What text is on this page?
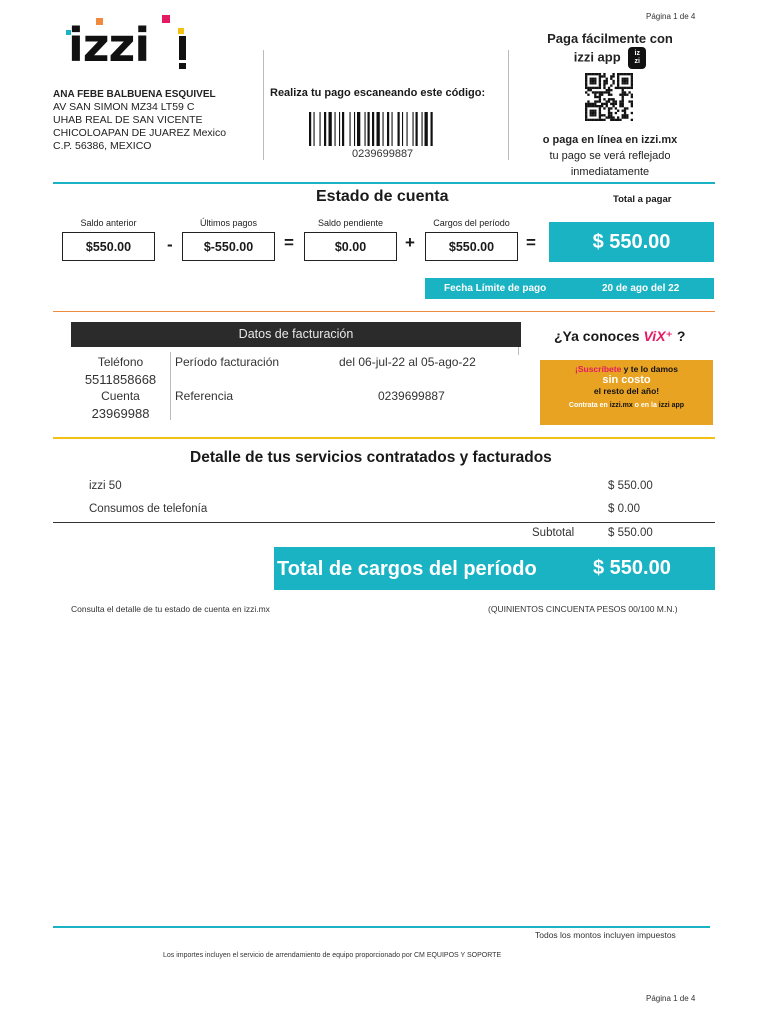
Página 1 de 4
izzi
ANA FEBE BALBUENA ESQUIVEL
AV SAN SIMON MZ34 LT59 C
UHAB REAL DE SAN VICENTE
CHICOLOAPAN DE JUAREZ Mexico
C.P. 56386, MEXICO
Realiza tu pago escaneando este código:
0239699887
Paga fácilmente con
izzi app iz
zi
o paga en línea en izzi.mx
tu pago se verá reflejado
inmediatamente
Estado de cuenta	Total a pagar
Saldo anterior
$550.00	-
Últimos pagos
$-550.00	=
Saldo pendiente
$0.00	+
Cargos del período
$550.00	=	$ 550.00
Fecha Límite de pago	20 de ago del 22
Datos de facturación
Teléfono
5511858668
Cuenta
23969988
Período facturación	del 06-jul-22 al 05-ago-22
Referencia	0239699887
¿Ya conoces ViX⁺ ?
¡Suscríbete y te lo damos
sin costo
el resto del año!
Contrata en izzi.mx o en la izzi app
Detalle de tus servicios contratados y facturados
izzi 50	$ 550.00
Consumos de telefonía	$ 0.00
Subtotal	$ 550.00
Total de cargos del período	$ 550.00
Consulta el detalle de tu estado de cuenta en izzi.mx	(QUINIENTOS CINCUENTA PESOS 00/100 M.N.)
Todos los montos incluyen impuestos
Los importes incluyen el servicio de arrendamiento de equipo proporcionado por CM EQUIPOS Y SOPORTE
Página 1 de 4
